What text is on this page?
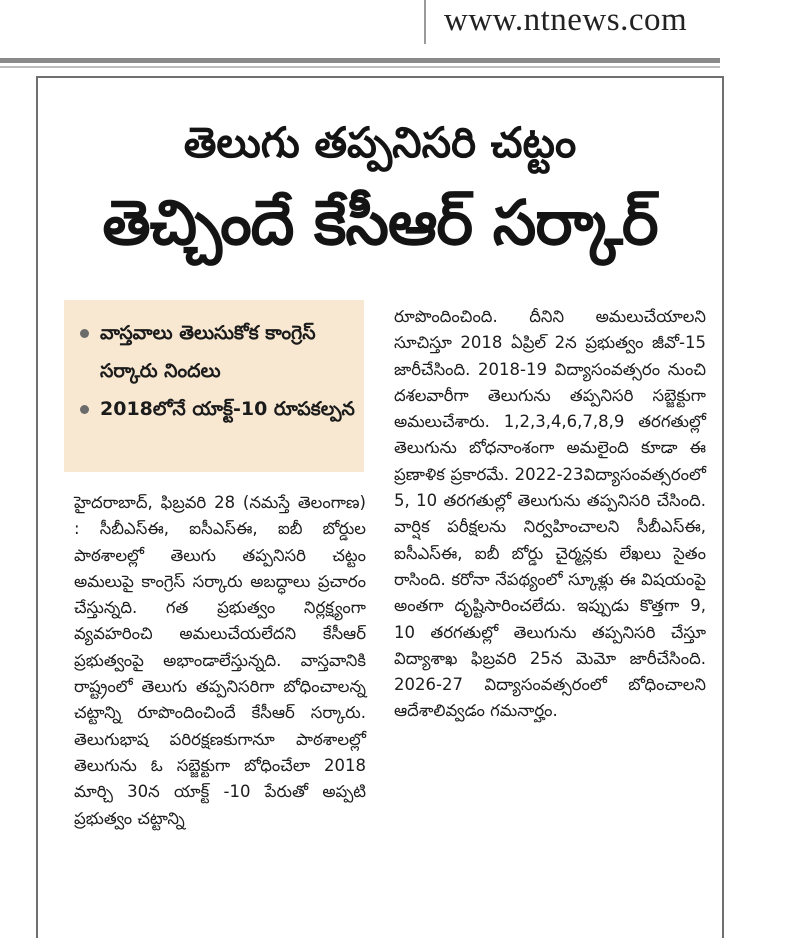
www.ntnews.com
తెలుగు తప్పనిసరి చట్టం
తెచ్చిందే కేసీఆర్‌ సర్కార్‌
వాస్తవాలు తెలుసుకోక కాంగ్రెస్‌ సర్కారు నిందలు
2018లోనే యాక్ట్‌-10 రూపకల్పన

హైదరాబాద్‌, ఫిబ్రవరి 28 (నమస్తే తెలంగాణ) : సీబీఎస్‌ఈ, ఐసీఎస్‌ఈ, ఐబీ బోర్డుల పాఠశాలల్లో తెలుగు తప్పనిసరి చట్టం అమలుపై కాంగ్రెస్‌ సర్కారు అబద్ధాలు ప్రచారం చేస్తున్నది. గత ప్రభుత్వం నిర్లక్ష్యంగా వ్యవహరించి అమలుచేయలేదని కేసీఆర్‌ ప్రభుత్వంపై అభాండాలేస్తున్నది. వాస్తవానికి రాష్ట్రంలో తెలుగు తప్పనిసరిగా బోధించాలన్న చట్టాన్ని రూపొందించిందే కేసీఆర్‌ సర్కారు. తెలుగుభాష పరిరక్షణకుగానూ పాఠశాలల్లో తెలుగును ఓ సబ్జెక్టుగా బోధించేలా 2018 మార్చి 30న యాక్ట్‌ -10 పేరుతో అప్పటి ప్రభుత్వం చట్టాన్ని

రూపొందించింది. దీనిని అమలుచేయాలని సూచిస్తూ 2018 ఏప్రిల్‌ 2న ప్రభుత్వం జీవో-15 జారీచేసింది. 2018-19 విద్యాసంవత్సరం నుంచి దశలవారీగా తెలుగును తప్పనిసరి సబ్జెక్టుగా అమలుచేశారు. 1,2,3,4,6,7,8,9 తరగతుల్లో తెలుగును బోధనాంశంగా అమలైంది కూడా ఈ ప్రణాళిక ప్రకారమే. 2022-23విద్యాసంవత్సరంలో 5, 10 తరగతుల్లో తెలుగును తప్పనిసరి చేసింది. వార్షిక పరీక్షలను నిర్వహించాలని సీబీఎస్‌ఈ, ఐసీఎస్‌ఈ, ఐబీ బోర్డు చైర్మన్లకు లేఖలు సైతం రాసింది. కరోనా నేపథ్యంలో స్కూళ్లు ఈ విషయంపై అంతగా దృష్టిసారించలేదు. ఇప్పుడు కొత్తగా 9, 10 తరగతుల్లో తెలుగును తప్పనిసరి చేస్తూ విద్యాశాఖ ఫిబ్రవరి 25న మెమో జారీచేసింది. 2026-27 విద్యాసంవత్సరంలో బోధించాలని ఆదేశాలివ్వడం గమనార్హం.
